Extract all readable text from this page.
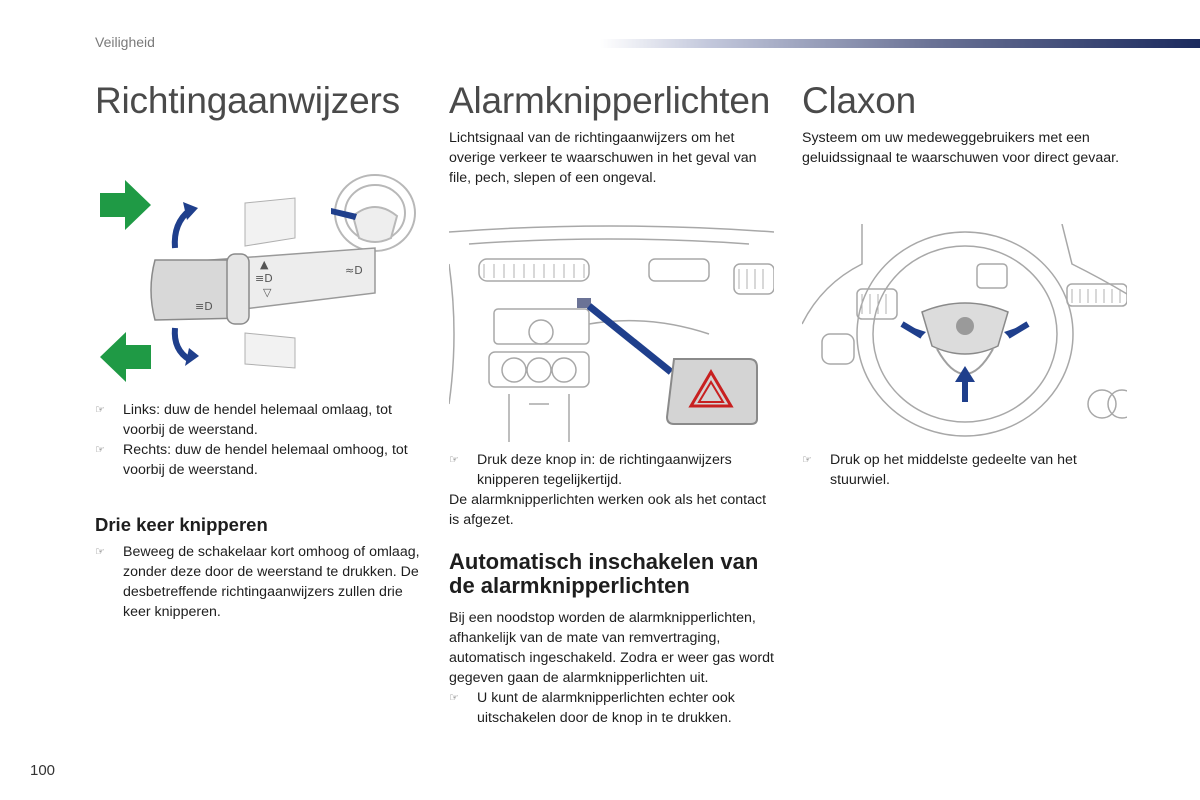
Veiligheid
Richtingaanwijzers
▲
≡D
▽
≡D
≈D
☞ Links: duw de hendel helemaal omlaag, tot voorbij de weerstand.
☞ Rechts: duw de hendel helemaal omhoog, tot voorbij de weerstand.
Drie keer knipperen
☞ Beweeg de schakelaar kort omhoog of omlaag, zonder deze door de weerstand te drukken. De desbetreffende richtingaanwijzers zullen drie keer knipperen.
Alarmknipperlichten

Lichtsignaal van de richtingaanwijzers om het overige verkeer te waarschuwen in het geval van file, pech, slepen of een ongeval.

☞ Druk deze knop in: de richtingaanwijzers knipperen tegelijkertijd.

De alarmknipperlichten werken ook als het contact is afgezet.

Automatisch inschakelen van de alarmknipperlichten

Bij een noodstop worden de alarmknipperlichten, afhankelijk van de mate van remvertraging, automatisch ingeschakeld. Zodra er weer gas wordt gegeven gaan de alarmknipperlichten uit.

☞ U kunt de alarmknipperlichten echter ook uitschakelen door de knop in te drukken.
Claxon

Systeem om uw medeweggebruikers met een geluidssignaal te waarschuwen voor direct gevaar.

☞ Druk op het middelste gedeelte van het stuurwiel.
100
